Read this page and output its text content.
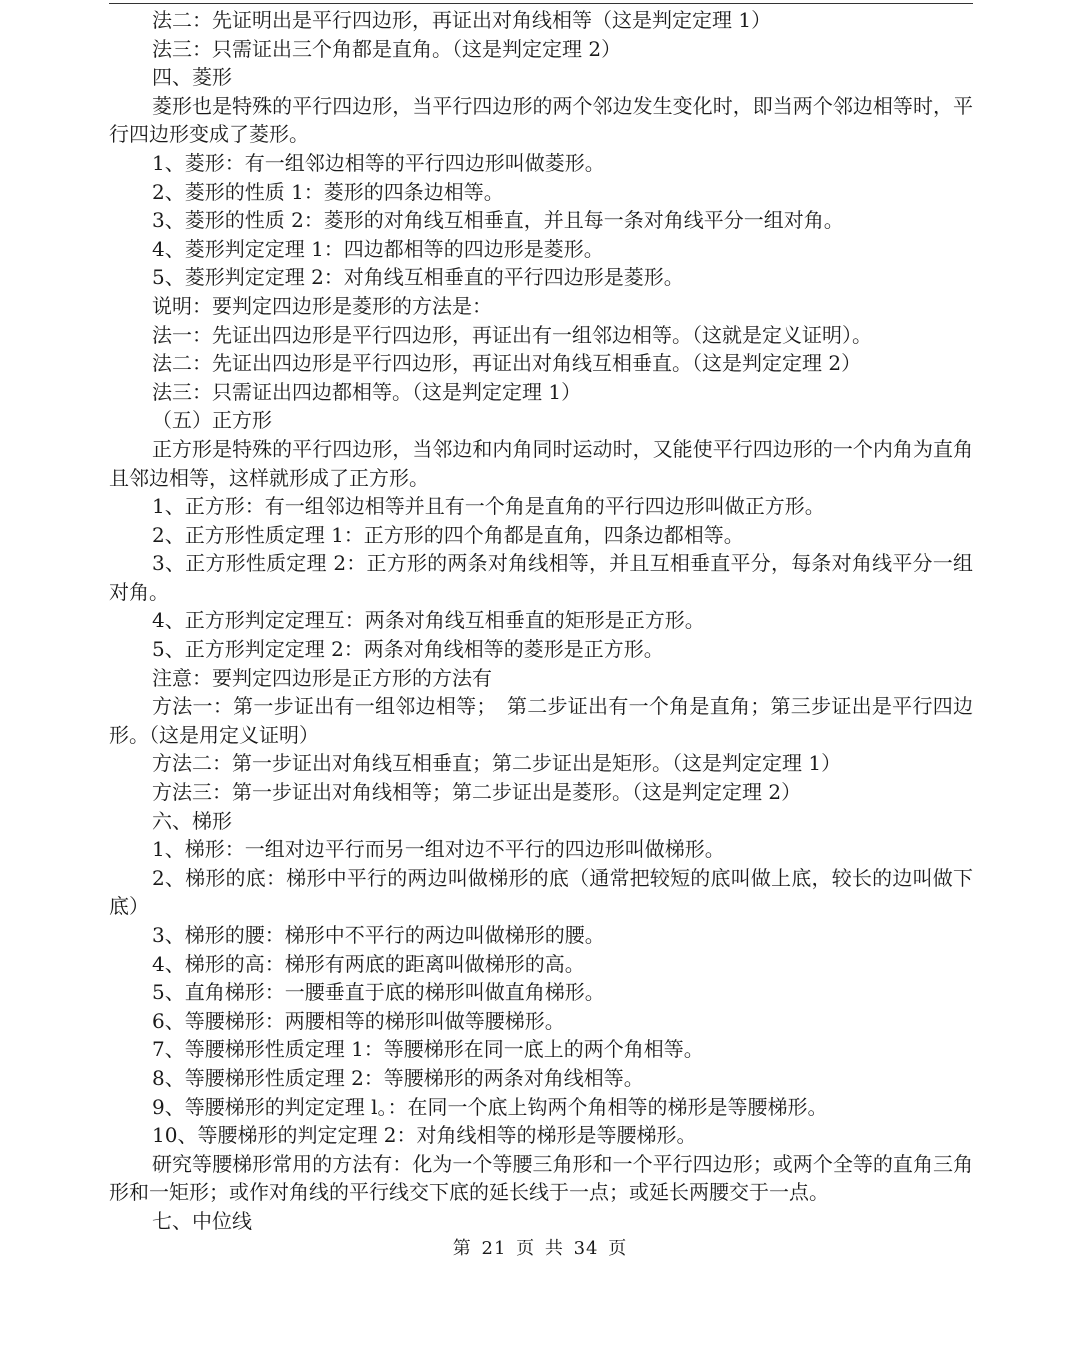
法二：先证明出是平行四边形，再证出对角线相等（这是判定定理 1）

法三：只需证出三个角都是直角。（这是判定定理 2）

四、菱形

菱形也是特殊的平行四边形，当平行四边形的两个邻边发生变化时，即当两个邻边相等时，平行四边形变成了菱形。

1、菱形：有一组邻边相等的平行四边形叫做菱形。

2、菱形的性质 1：菱形的四条边相等。

3、菱形的性质 2：菱形的对角线互相垂直，并且每一条对角线平分一组对角。

4、菱形判定定理 1：四边都相等的四边形是菱形。

5、菱形判定定理 2：对角线互相垂直的平行四边形是菱形。

说明：要判定四边形是菱形的方法是：

法一：先证出四边形是平行四边形，再证出有一组邻边相等。（这就是定义证明）。

法二：先证出四边形是平行四边形，再证出对角线互相垂直。（这是判定定理 2）

法三：只需证出四边都相等。（这是判定定理 1）

（五）正方形

正方形是特殊的平行四边形，当邻边和内角同时运动时，又能使平行四边形的一个内角为直角且邻边相等，这样就形成了正方形。

1、正方形：有一组邻边相等并且有一个角是直角的平行四边形叫做正方形。

2、正方形性质定理 1：正方形的四个角都是直角，四条边都相等。

3、正方形性质定理 2：正方形的两条对角线相等，并且互相垂直平分，每条对角线平分一组对角。

4、正方形判定定理互：两条对角线互相垂直的矩形是正方形。

5、正方形判定定理 2：两条对角线相等的菱形是正方形。

注意：要判定四边形是正方形的方法有

方法一：第一步证出有一组邻边相等；　第二步证出有一个角是直角；第三步证出是平行四边形。（这是用定义证明）

方法二：第一步证出对角线互相垂直；第二步证出是矩形。（这是判定定理 1）

方法三：第一步证出对角线相等；第二步证出是菱形。（这是判定定理 2）

六、梯形

1、梯形：一组对边平行而另一组对边不平行的四边形叫做梯形。

2、梯形的底：梯形中平行的两边叫做梯形的底（通常把较短的底叫做上底，较长的边叫做下底）

3、梯形的腰：梯形中不平行的两边叫做梯形的腰。

4、梯形的高：梯形有两底的距离叫做梯形的高。

5、直角梯形：一腰垂直于底的梯形叫做直角梯形。

6、等腰梯形：两腰相等的梯形叫做等腰梯形。

7、等腰梯形性质定理 1：等腰梯形在同一底上的两个角相等。

8、等腰梯形性质定理 2：等腰梯形的两条对角线相等。

9、等腰梯形的判定定理 l。：在同一个底上钩两个角相等的梯形是等腰梯形。

10、等腰梯形的判定定理 2：对角线相等的梯形是等腰梯形。

研究等腰梯形常用的方法有：化为一个等腰三角形和一个平行四边形；或两个全等的直角三角形和一矩形；或作对角线的平行线交下底的延长线于一点；或延长两腰交于一点。

七、中位线

第 21 页 共 34 页
